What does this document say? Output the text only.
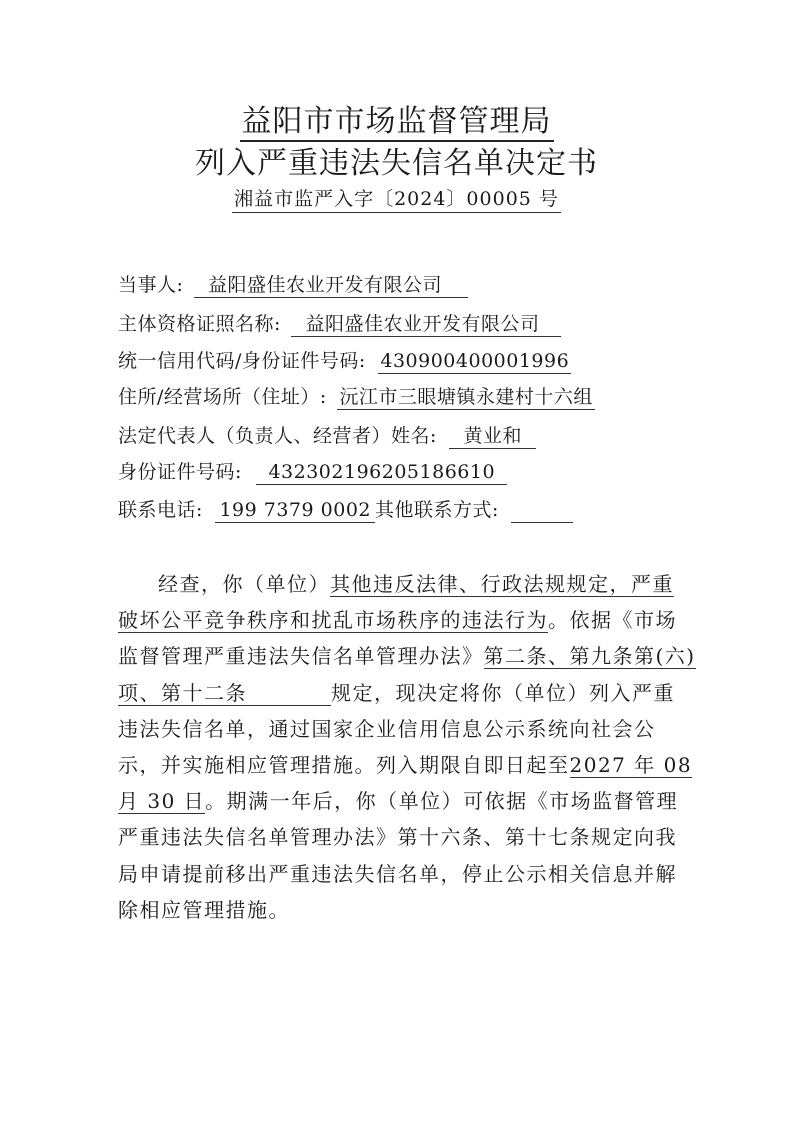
益阳市市场监督管理局
列入严重违法失信名单决定书
湘益市监严入字〔2024〕00005 号
当事人: 益阳盛佳农业开发有限公司
主体资格证照名称: 益阳盛佳农业开发有限公司
统一信用代码/身份证件号码: 430900400001996
住所/经营场所（住址）: 沅江市三眼塘镇永建村十六组
法定代表人（负责人、经营者）姓名: 黄业和
身份证件号码: 432302196205186610
联系电话: 199 7379 0002 其他联系方式:
经查，你（单位）其他违反法律、行政法规规定，严重
破坏公平竞争秩序和扰乱市场秩序的违法行为。依据《市场
监督管理严重违法失信名单管理办法》第二条、第九条第(六)
项、第十二条	规定，现决定将你（单位）列入严重
违法失信名单，通过国家企业信用信息公示系统向社会公
示，并实施相应管理措施。列入期限自即日起至2027 年 08
月 30 日。期满一年后，你（单位）可依据《市场监督管理
严重违法失信名单管理办法》第十六条、第十七条规定向我
局申请提前移出严重违法失信名单，停止公示相关信息并解
除相应管理措施。
